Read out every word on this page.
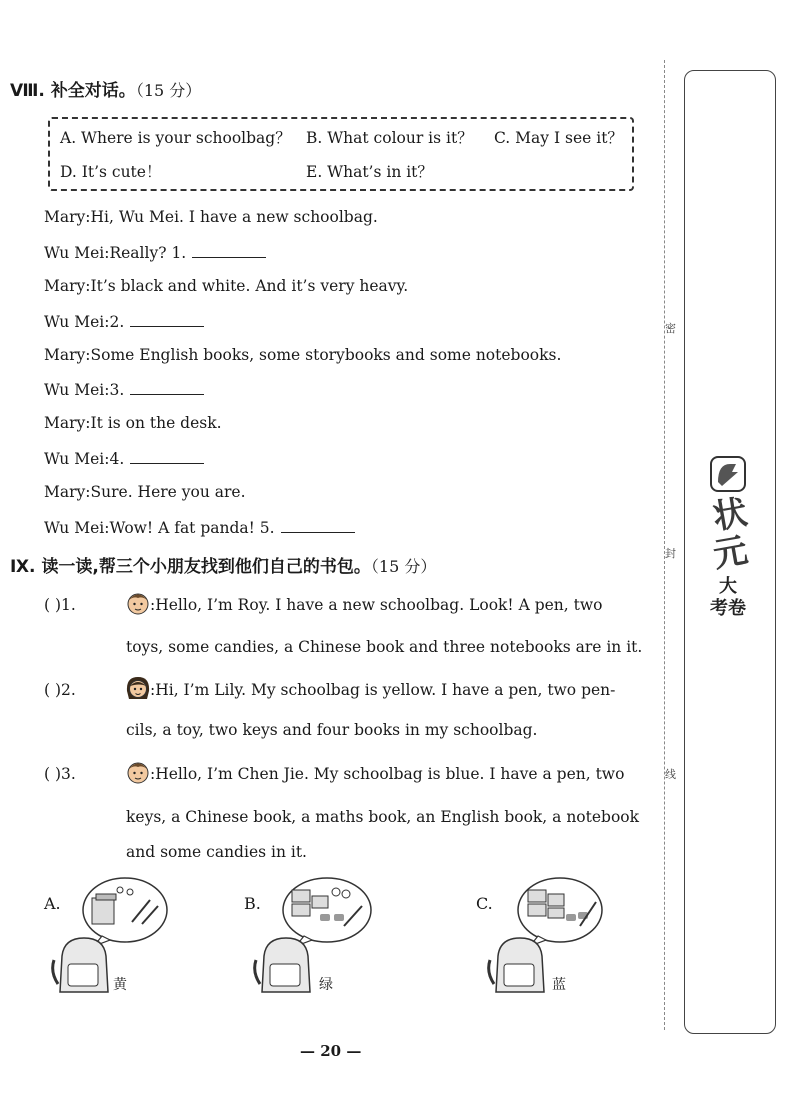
Ⅷ. 补全对话。（15 分）
A. Where is your schoolbag？ B. What colour is it？ C. May I see it？
D. It’s cute！	E. What’s in it？
Mary:Hi, Wu Mei. I have a new schoolbag.
Wu Mei:Really? 1.
Mary:It’s black and white. And it’s very heavy.
Wu Mei:2.
Mary:Some English books, some storybooks and some notebooks.
Wu Mei:3.
Mary:It is on the desk.
Wu Mei:4.
Mary:Sure. Here you are.
Wu Mei:Wow! A fat panda! 5.
Ⅸ. 读一读,帮三个小朋友找到他们自己的书包。（15 分）
( )1.	:Hello, I’m Roy. I have a new schoolbag. Look! A pen, two
toys, some candies, a Chinese book and three notebooks are in it.
( )2.	:Hi, I’m Lily. My schoolbag is yellow. I have a pen, two pen-
cils, a toy, two keys and four books in my schoolbag.
( )3.	:Hello, I’m Chen Jie. My schoolbag is blue. I have a pen, two
keys, a Chinese book, a maths book, an English book, a notebook
and some candies in it.
A.
黄
B.
绿
C.
蓝
密
封
线
状
元
大
考卷
— 20 —
